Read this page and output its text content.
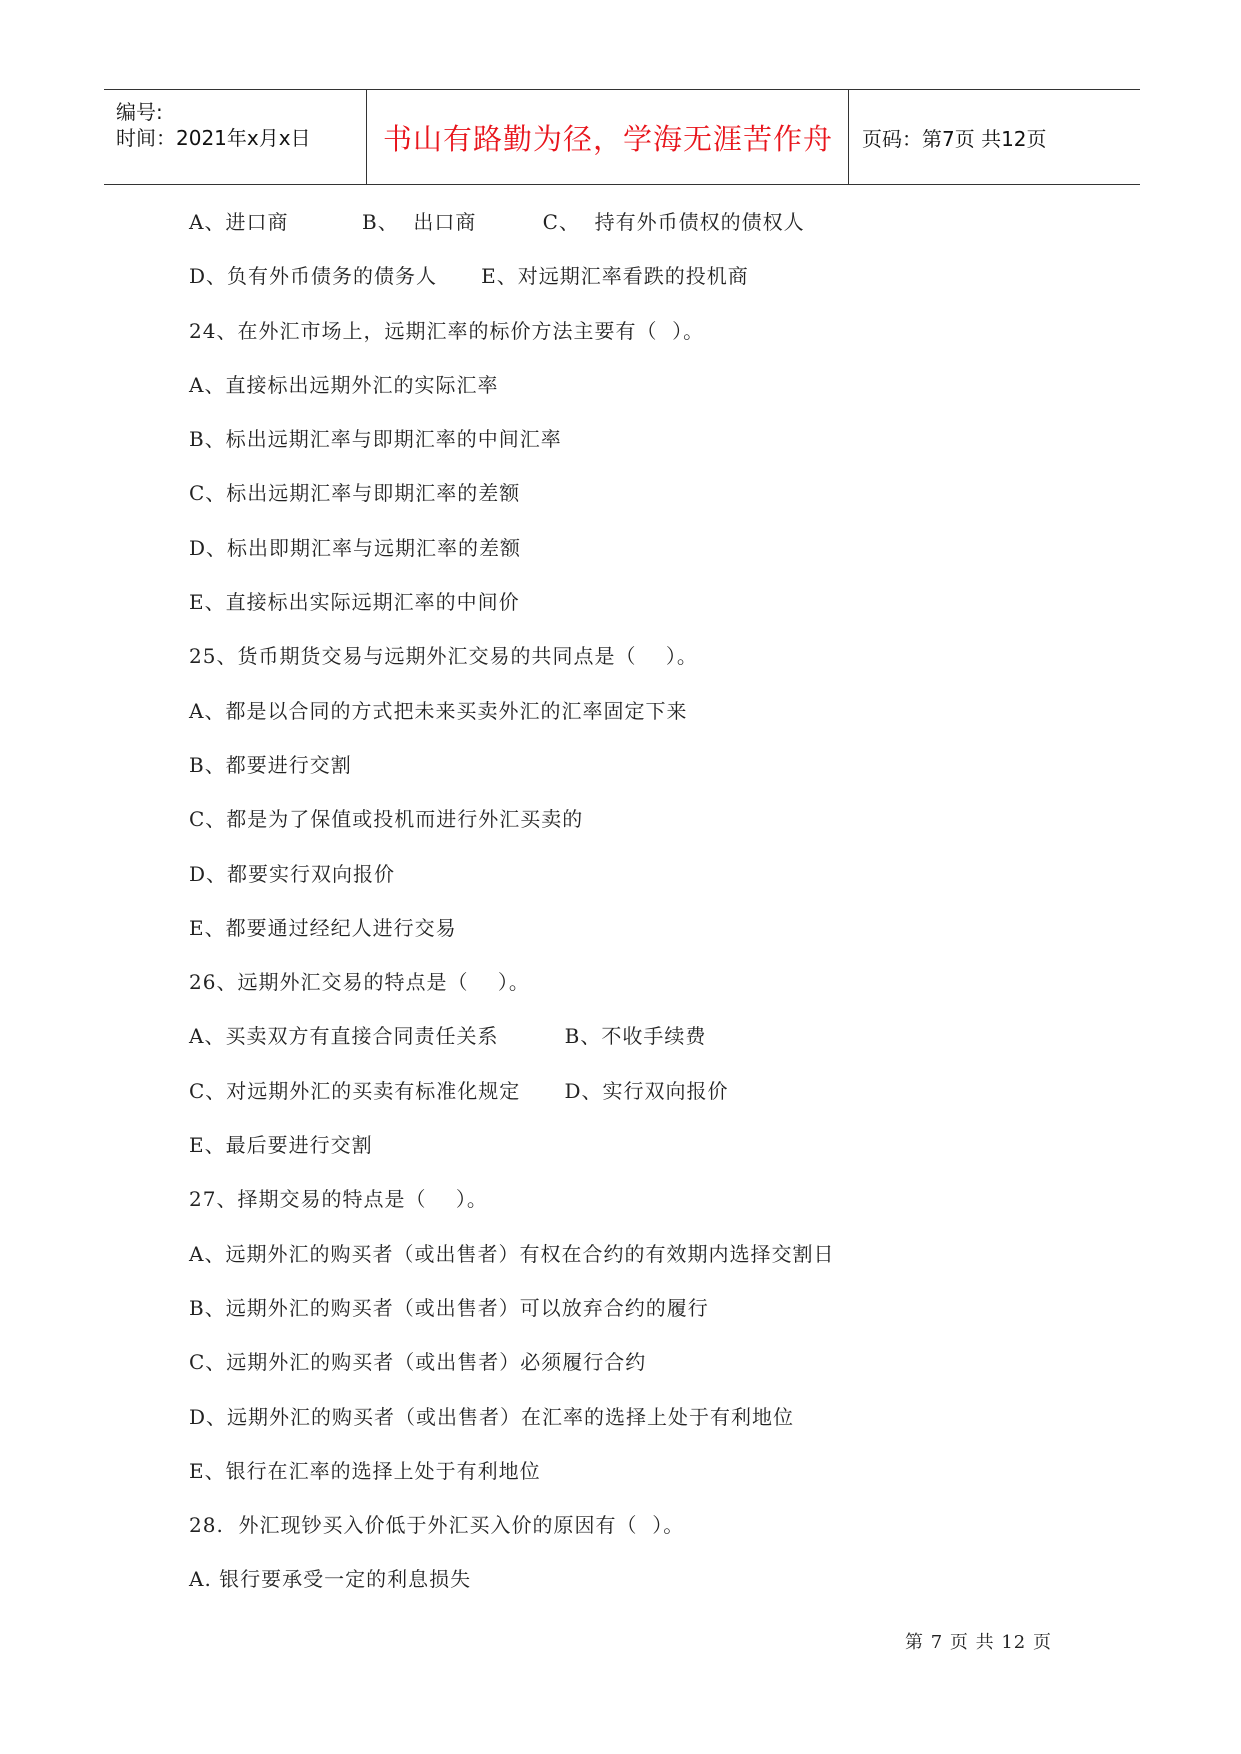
编号:
时间：2021年x月x日 书山有路勤为径，学海无涯苦作舟 页码：第7页 共12页
A、进口商          B、  出口商         C、  持有外币债权的债权人
D、负有外币债务的债务人      E、对远期汇率看跌的投机商
24、在外汇市场上，远期汇率的标价方法主要有（  ）。
A、直接标出远期外汇的实际汇率
B、标出远期汇率与即期汇率的中间汇率
C、标出远期汇率与即期汇率的差额
D、标出即期汇率与远期汇率的差额
E、直接标出实际远期汇率的中间价
25、货币期货交易与远期外汇交易的共同点是（    ）。
A、都是以合同的方式把未来买卖外汇的汇率固定下来
B、都要进行交割
C、都是为了保值或投机而进行外汇买卖的
D、都要实行双向报价
E、都要通过经纪人进行交易
26、远期外汇交易的特点是（    ）。
A、买卖双方有直接合同责任关系         B、不收手续费
C、对远期外汇的买卖有标准化规定      D、实行双向报价
E、最后要进行交割
27、择期交易的特点是（    ）。
A、远期外汇的购买者（或出售者）有权在合约的有效期内选择交割日
B、远期外汇的购买者（或出售者）可以放弃合约的履行
C、远期外汇的购买者（或出售者）必须履行合约
D、远期外汇的购买者（或出售者）在汇率的选择上处于有利地位
E、银行在汇率的选择上处于有利地位
28.  外汇现钞买入价低于外汇买入价的原因有（  ）。
A. 银行要承受一定的利息损失
第 7 页 共 12 页
